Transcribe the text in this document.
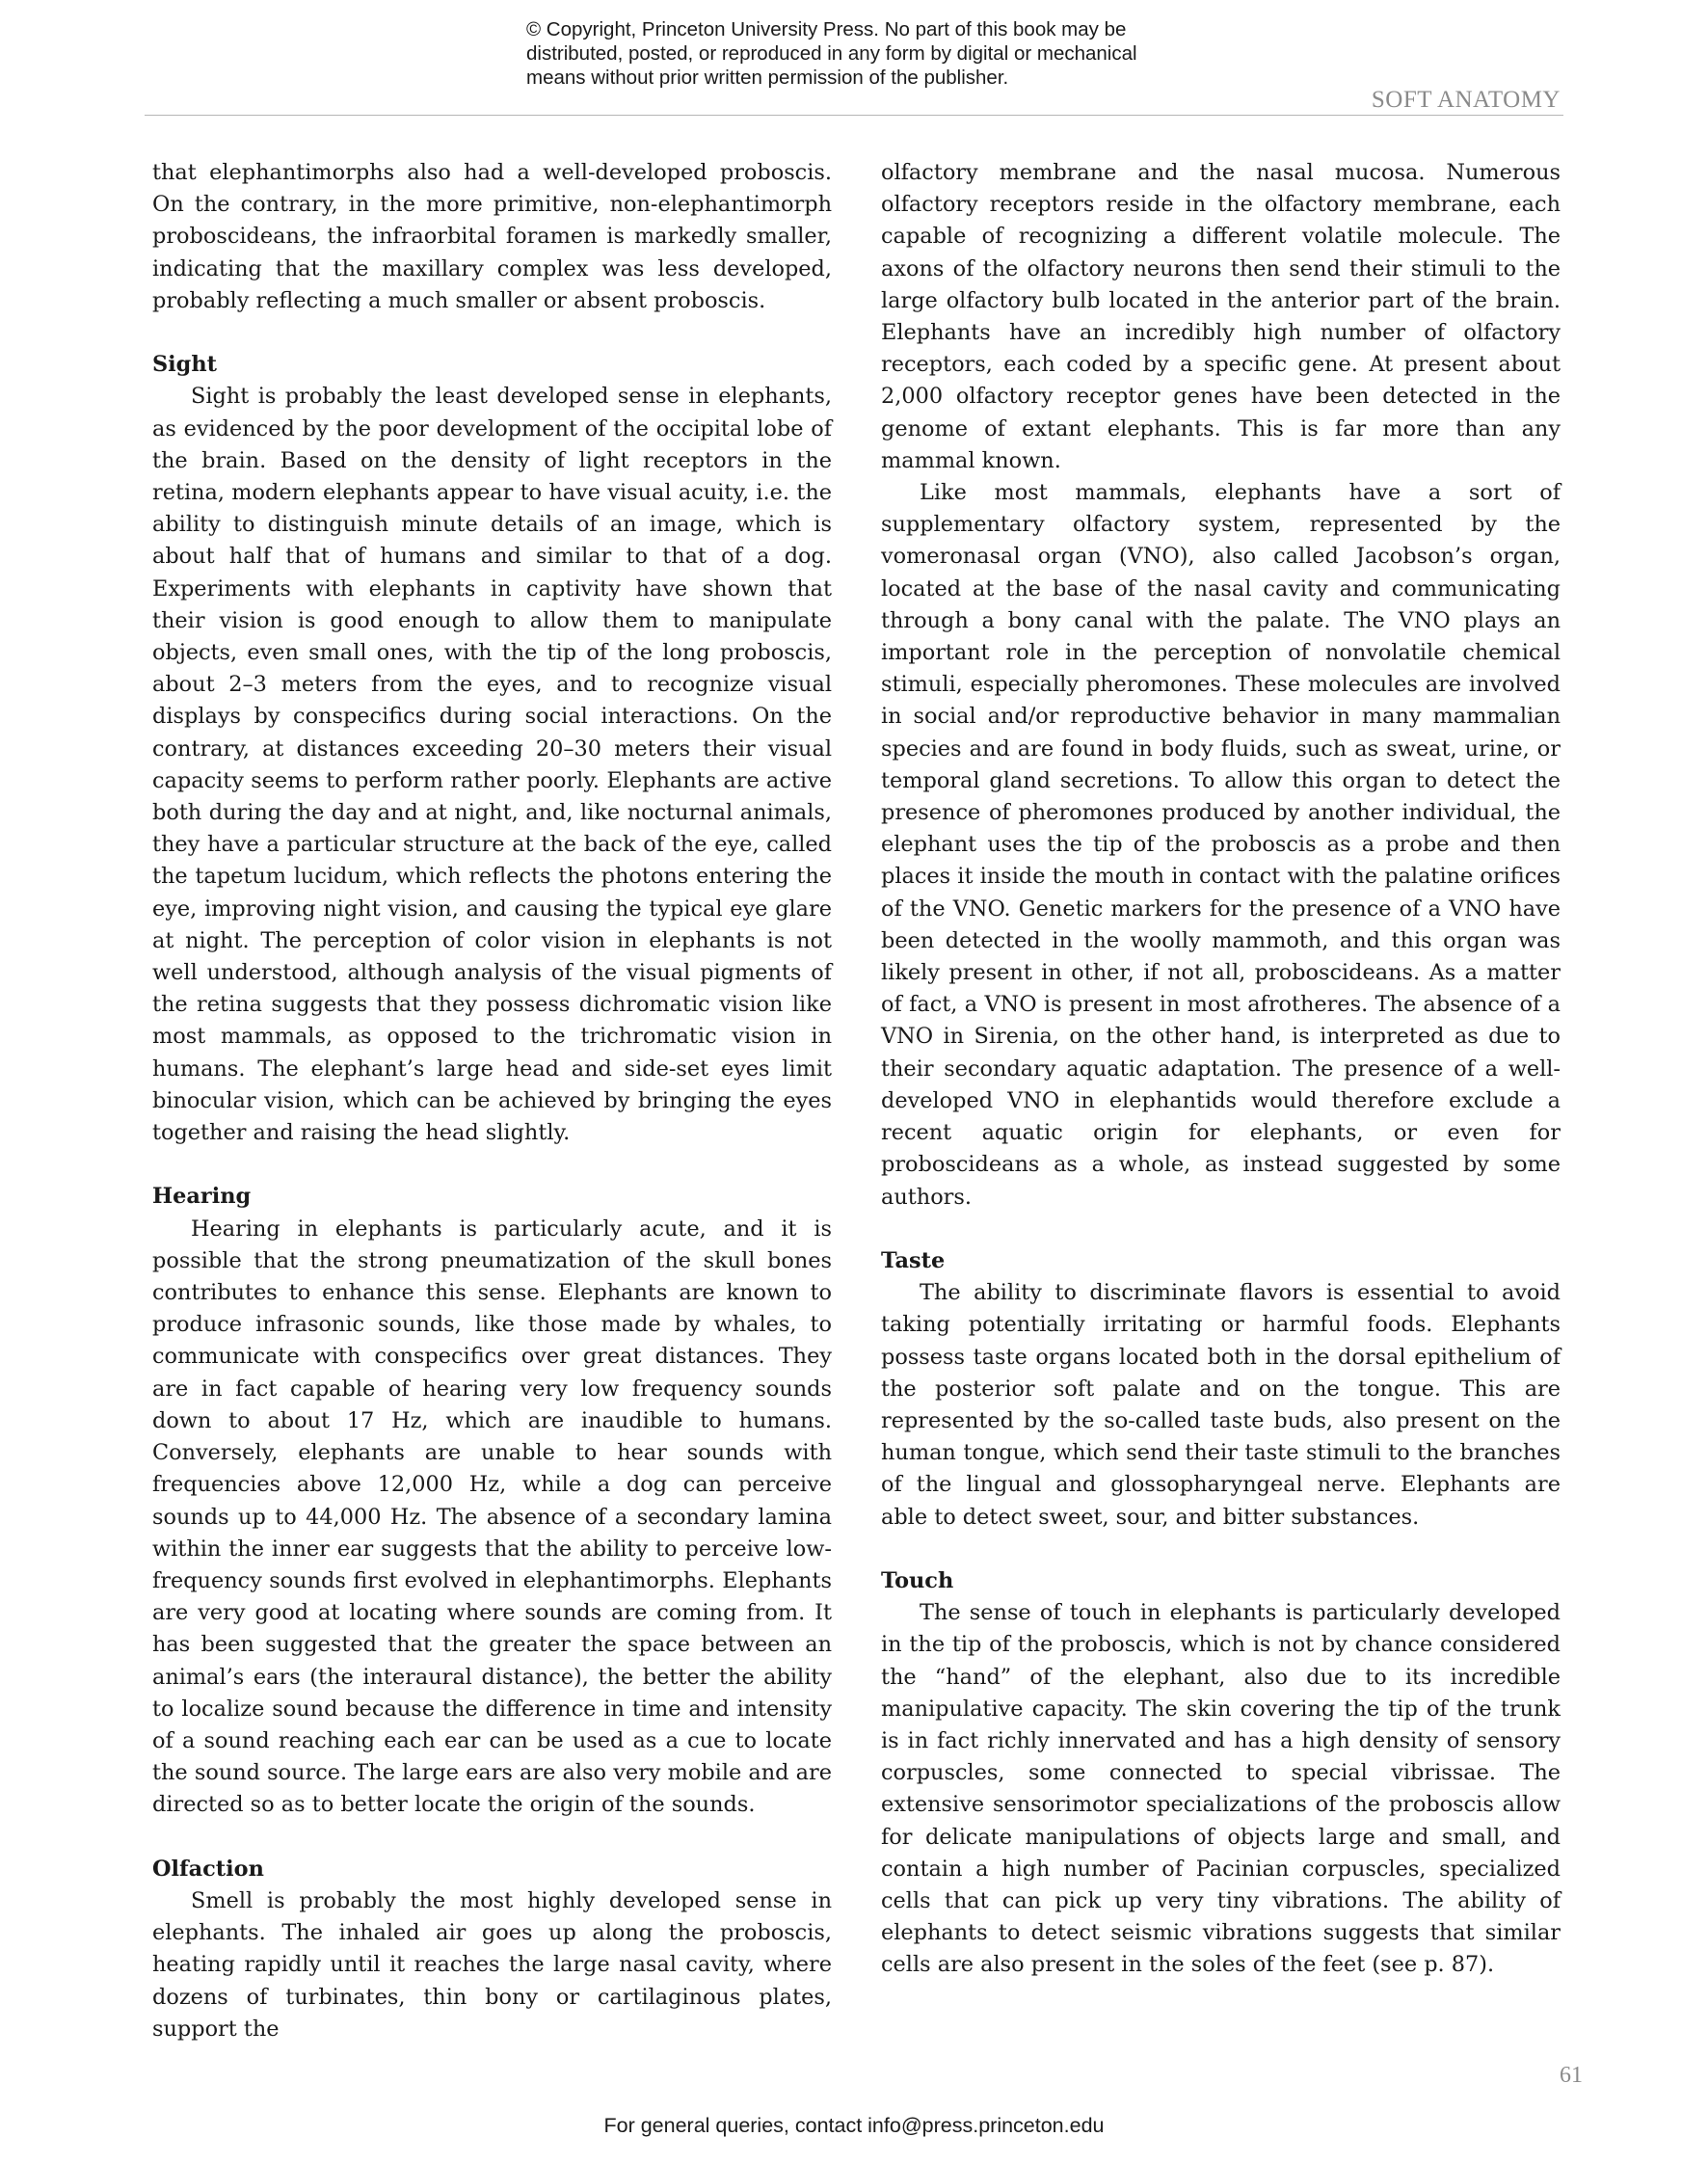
© Copyright, Princeton University Press. No part of this book may be
distributed, posted, or reproduced in any form by digital or mechanical
means without prior written permission of the publisher.
SOFT ANATOMY

that elephantimorphs also had a well-developed proboscis. On the contrary, in the more primitive, non-elephantimorph proboscideans, the infraorbital foramen is markedly smaller, indicating that the maxillary complex was less developed, probably reflecting a much smaller or absent proboscis.

Sight

Sight is probably the least developed sense in elephants, as evidenced by the poor development of the occipital lobe of the brain. Based on the density of light receptors in the retina, modern elephants appear to have visual acuity, i.e. the ability to distinguish minute details of an image, which is about half that of humans and similar to that of a dog. Experiments with elephants in captivity have shown that their vision is good enough to allow them to manipulate objects, even small ones, with the tip of the long proboscis, about 2–3 meters from the eyes, and to recognize visual displays by conspecifics during social interactions. On the contrary, at distances exceeding 20–30 meters their visual capacity seems to perform rather poorly. Elephants are active both during the day and at night, and, like nocturnal animals, they have a particular structure at the back of the eye, called the tapetum lucidum, which reflects the photons entering the eye, improving night vision, and causing the typical eye glare at night. The perception of color vision in elephants is not well understood, although analysis of the visual pigments of the retina suggests that they possess dichromatic vision like most mammals, as opposed to the trichromatic vision in humans. The elephant’s large head and side-set eyes limit binocular vision, which can be achieved by bringing the eyes together and raising the head slightly.

Hearing

Hearing in elephants is particularly acute, and it is possible that the strong pneumatization of the skull bones contributes to enhance this sense. Elephants are known to produce infrasonic sounds, like those made by whales, to communicate with conspecifics over great distances. They are in fact capable of hearing very low frequency sounds down to about 17 Hz, which are inaudible to humans. Conversely, elephants are unable to hear sounds with frequencies above 12,000 Hz, while a dog can perceive sounds up to 44,000 Hz. The absence of a secondary lamina within the inner ear suggests that the ability to perceive low-frequency sounds first evolved in elephantimorphs. Elephants are very good at locating where sounds are coming from. It has been suggested that the greater the space between an animal’s ears (the interaural distance), the better the ability to localize sound because the difference in time and intensity of a sound reaching each ear can be used as a cue to locate the sound source. The large ears are also very mobile and are directed so as to better locate the origin of the sounds.

Olfaction

Smell is probably the most highly developed sense in elephants. The inhaled air goes up along the proboscis, heating rapidly until it reaches the large nasal cavity, where dozens of turbinates, thin bony or cartilaginous plates, support the

olfactory membrane and the nasal mucosa. Numerous olfactory receptors reside in the olfactory membrane, each capable of recognizing a different volatile molecule. The axons of the olfactory neurons then send their stimuli to the large olfactory bulb located in the anterior part of the brain. Elephants have an incredibly high number of olfactory receptors, each coded by a specific gene. At present about 2,000 olfactory receptor genes have been detected in the genome of extant elephants. This is far more than any mammal known.

Like most mammals, elephants have a sort of supplementary olfactory system, represented by the vomeronasal organ (VNO), also called Jacobson’s organ, located at the base of the nasal cavity and communicating through a bony canal with the palate. The VNO plays an important role in the perception of nonvolatile chemical stimuli, especially pheromones. These molecules are involved in social and/or reproductive behavior in many mammalian species and are found in body fluids, such as sweat, urine, or temporal gland secretions. To allow this organ to detect the presence of pheromones produced by another individual, the elephant uses the tip of the proboscis as a probe and then places it inside the mouth in contact with the palatine orifices of the VNO. Genetic markers for the presence of a VNO have been detected in the woolly mammoth, and this organ was likely present in other, if not all, proboscideans. As a matter of fact, a VNO is present in most afrotheres. The absence of a VNO in Sirenia, on the other hand, is interpreted as due to their secondary aquatic adaptation. The presence of a well-developed VNO in elephantids would therefore exclude a recent aquatic origin for elephants, or even for proboscideans as a whole, as instead suggested by some authors.

Taste

The ability to discriminate flavors is essential to avoid taking potentially irritating or harmful foods. Elephants possess taste organs located both in the dorsal epithelium of the posterior soft palate and on the tongue. This are represented by the so-called taste buds, also present on the human tongue, which send their taste stimuli to the branches of the lingual and glossopharyngeal nerve. Elephants are able to detect sweet, sour, and bitter substances.

Touch

The sense of touch in elephants is particularly developed in the tip of the proboscis, which is not by chance considered the “hand” of the elephant, also due to its incredible manipulative capacity. The skin covering the tip of the trunk is in fact richly innervated and has a high density of sensory corpuscles, some connected to special vibrissae. The extensive sensorimotor specializations of the proboscis allow for delicate manipulations of objects large and small, and contain a high number of Pacinian corpuscles, specialized cells that can pick up very tiny vibrations. The ability of elephants to detect seismic vibrations suggests that similar cells are also present in the soles of the feet (see p. 87).

61
For general queries, contact info@press.princeton.edu
